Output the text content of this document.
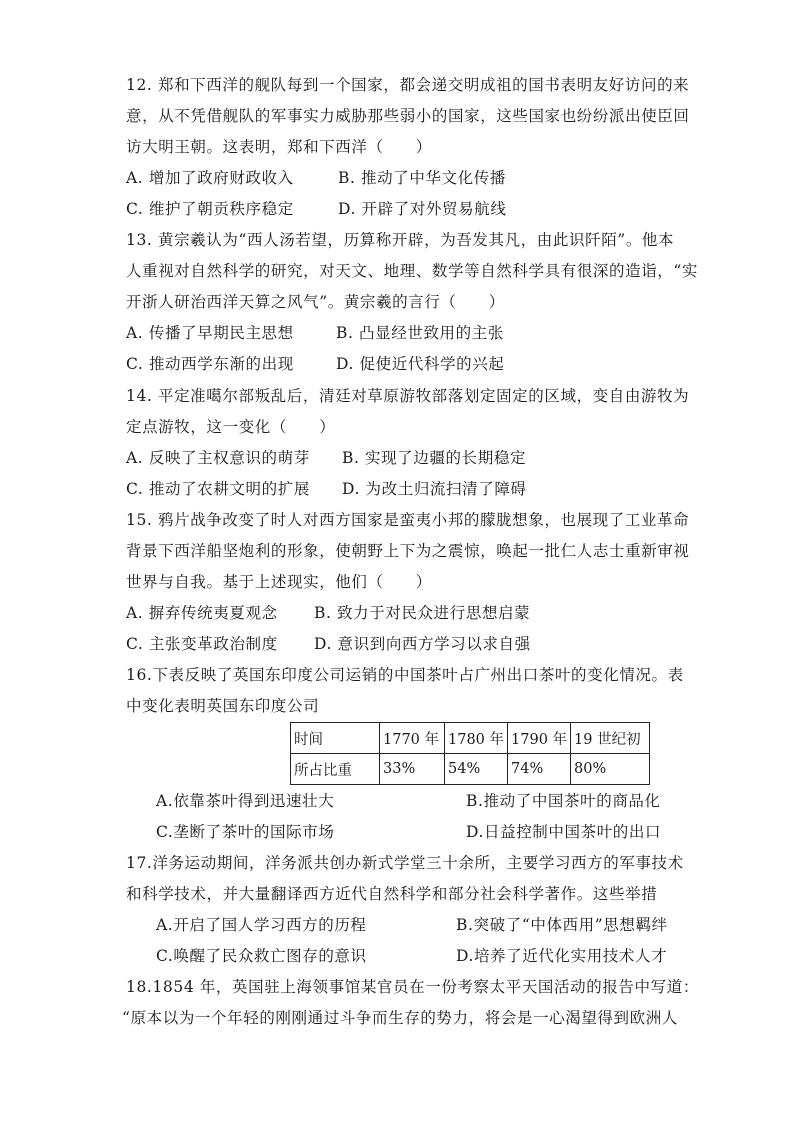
12. 郑和下西洋的舰队每到一个国家，都会递交明成祖的国书表明友好访问的来
意，从不凭借舰队的军事实力威胁那些弱小的国家，这些国家也纷纷派出使臣回
访大明王朝。这表明，郑和下西洋（　　）
A. 增加了政府财政收入	B. 推动了中华文化传播
C. 维护了朝贡秩序稳定	D. 开辟了对外贸易航线
13. 黄宗羲认为“西人汤若望，历算称开辟，为吾发其凡，由此识阡陌”。他本
人重视对自然科学的研究，对天文、地理、数学等自然科学具有很深的造诣，“实
开浙人研治西洋天算之风气”。黄宗羲的言行（　　）
A. 传播了早期民主思想	B. 凸显经世致用的主张
C. 推动西学东渐的出现	D. 促使近代科学的兴起
14. 平定准噶尔部叛乱后，清廷对草原游牧部落划定固定的区域，变自由游牧为
定点游牧，这一变化（　　）
A. 反映了主权意识的萌芽 B. 实现了边疆的长期稳定
C. 推动了农耕文明的扩展 D. 为改土归流扫清了障碍
15. 鸦片战争改变了时人对西方国家是蛮夷小邦的朦胧想象，也展现了工业革命
背景下西洋船坚炮利的形象，使朝野上下为之震惊，唤起一批仁人志士重新审视
世界与自我。基于上述现实，他们（　　）
A. 摒弃传统夷夏观念 B. 致力于对民众进行思想启蒙
C. 主张变革政治制度 D. 意识到向西方学习以求自强
16.下表反映了英国东印度公司运销的中国茶叶占广州出口茶叶的变化情况。表
中变化表明英国东印度公司
时间	1770 年	1780 年	1790 年	19 世纪初
所占比重	33%	54%	74%	80%
A.依靠茶叶得到迅速壮大	B.推动了中国茶叶的商品化
C.垄断了茶叶的国际市场	D.日益控制中国茶叶的出口
17.洋务运动期间，洋务派共创办新式学堂三十余所，主要学习西方的军事技术
和科学技术，并大量翻译西方近代自然科学和部分社会科学著作。这些举措
A.开启了国人学习西方的历程	B.突破了“中体西用”思想羁绊
C.唤醒了民众救亡图存的意识	D.培养了近代化实用技术人才
18.1854 年，英国驻上海领事馆某官员在一份考察太平天国活动的报告中写道：
“原本以为一个年轻的刚刚通过斗争而生存的势力，将会是一心渴望得到欧洲人
